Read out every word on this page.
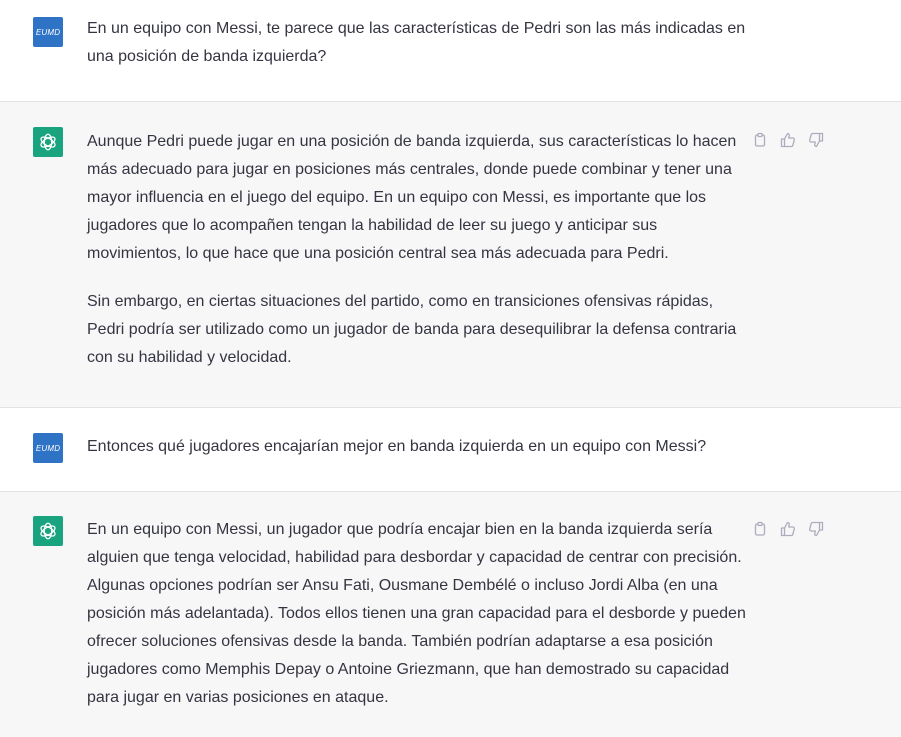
EUMD En un equipo con Messi, te parece que las características de Pedri son las más indicadas en una posición de banda izquierda?

Aunque Pedri puede jugar en una posición de banda izquierda, sus características lo hacen más adecuado para jugar en posiciones más centrales, donde puede combinar y tener una mayor influencia en el juego del equipo. En un equipo con Messi, es importante que los jugadores que lo acompañen tengan la habilidad de leer su juego y anticipar sus movimientos, lo que hace que una posición central sea más adecuada para Pedri.

Sin embargo, en ciertas situaciones del partido, como en transiciones ofensivas rápidas, Pedri podría ser utilizado como un jugador de banda para desequilibrar la defensa contraria con su habilidad y velocidad.

EUMD Entonces qué jugadores encajarían mejor en banda izquierda en un equipo con Messi?

En un equipo con Messi, un jugador que podría encajar bien en la banda izquierda sería alguien que tenga velocidad, habilidad para desbordar y capacidad de centrar con precisión. Algunas opciones podrían ser Ansu Fati, Ousmane Dembélé o incluso Jordi Alba (en una posición más adelantada). Todos ellos tienen una gran capacidad para el desborde y pueden ofrecer soluciones ofensivas desde la banda. También podrían adaptarse a esa posición jugadores como Memphis Depay o Antoine Griezmann, que han demostrado su capacidad para jugar en varias posiciones en ataque.
